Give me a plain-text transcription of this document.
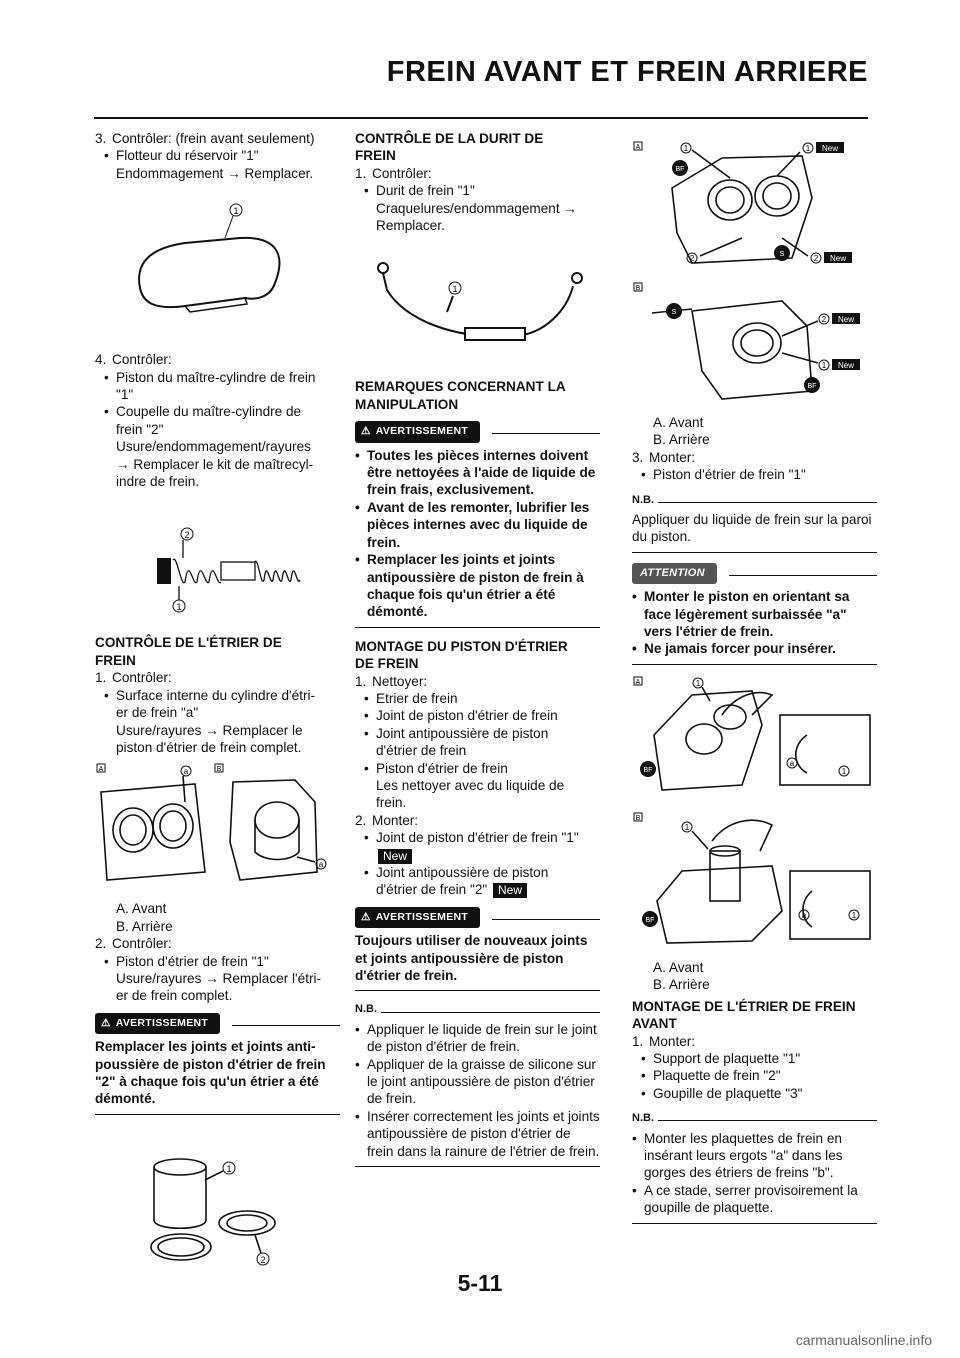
FREIN AVANT ET FREIN ARRIERE
3. Contrôler: (frein avant seulement)
• Flotteur du réservoir "1"
Endommagement → Remplacer.
1
4. Contrôler:
• Piston du maître-cylindre de frein
"1"
• Coupelle du maître-cylindre de
frein "2"
Usure/endommagement/rayures
→ Remplacer le kit de maîtrecyl-
indre de frein.
2
1
CONTRÔLE DE L'ÉTRIER DE
FREIN
1. Contrôler:
• Surface interne du cylindre d'étri-
er de frein "a"
Usure/rayures → Remplacer le
piston d'étrier de frein complet.
A	B
a
a
A. Avant
B. Arrière
2. Contrôler:
• Piston d'étrier de frein "1"
Usure/rayures → Remplacer l'étri-
er de frein complet.
⚠ AVERTISSEMENT
Remplacer les joints et joints anti-poussière de piston d'étrier de frein "2" à chaque fois qu'un étrier a été démonté.
1
2
CONTRÔLE DE LA DURIT DE
FREIN
1. Contrôler:
• Durit de frein "1"
Craquelures/endommagement →
Remplacer.
1
REMARQUES CONCERNANT LA
MANIPULATION
⚠ AVERTISSEMENT
• Toutes les pièces internes doivent être nettoyées à l'aide de liquide de frein frais, exclusivement.
• Avant de les remonter, lubrifier les pièces internes avec du liquide de frein.
• Remplacer les joints et joints antipoussière de piston de frein à chaque fois qu'un étrier a été démonté.
MONTAGE DU PISTON D'ÉTRIER
DE FREIN
1. Nettoyer:
• Etrier de frein
• Joint de piston d'étrier de frein
• Joint antipoussière de piston
d'étrier de frein
• Piston d'étrier de frein
Les nettoyer avec du liquide de
frein.
2. Monter:
• Joint de piston d'étrier de frein "1"
New
• Joint antipoussière de piston
d'étrier de frein "2" New
⚠ AVERTISSEMENT
Toujours utiliser de nouveaux joints et joints antipoussière de piston d'étrier de frein.
N.B.
• Appliquer le liquide de frein sur le joint de piston d'étrier de frein.
• Appliquer de la graisse de silicone sur le joint antipoussière de piston d'étrier de frein.
• Insérer correctement les joints et joints antipoussière de piston d'étrier de frein dans la rainure de l'étrier de frein.
A
BF
S
1	1 New
2	2 New
B
S
BF
2 New
1 New
A. Avant
B. Arrière
3. Monter:
• Piston d'étrier de frein "1"
N.B.
Appliquer du liquide de frein sur la paroi du piston.
ATTENTION
• Monter le piston en orientant sa face légèrement surbaissée "a" vers l'étrier de frein.
• Ne jamais forcer pour insérer.
A	1
BF
a
1
B
1
BF
a	1
A. Avant
B. Arrière
MONTAGE DE L'ÉTRIER DE FREIN
AVANT
1. Monter:
• Support de plaquette "1"
• Plaquette de frein "2"
• Goupille de plaquette "3"
N.B.
• Monter les plaquettes de frein en insérant leurs ergots "a" dans les gorges des étriers de freins "b".
• A ce stade, serrer provisoirement la goupille de plaquette.
5-11
carmanualsonline.info
